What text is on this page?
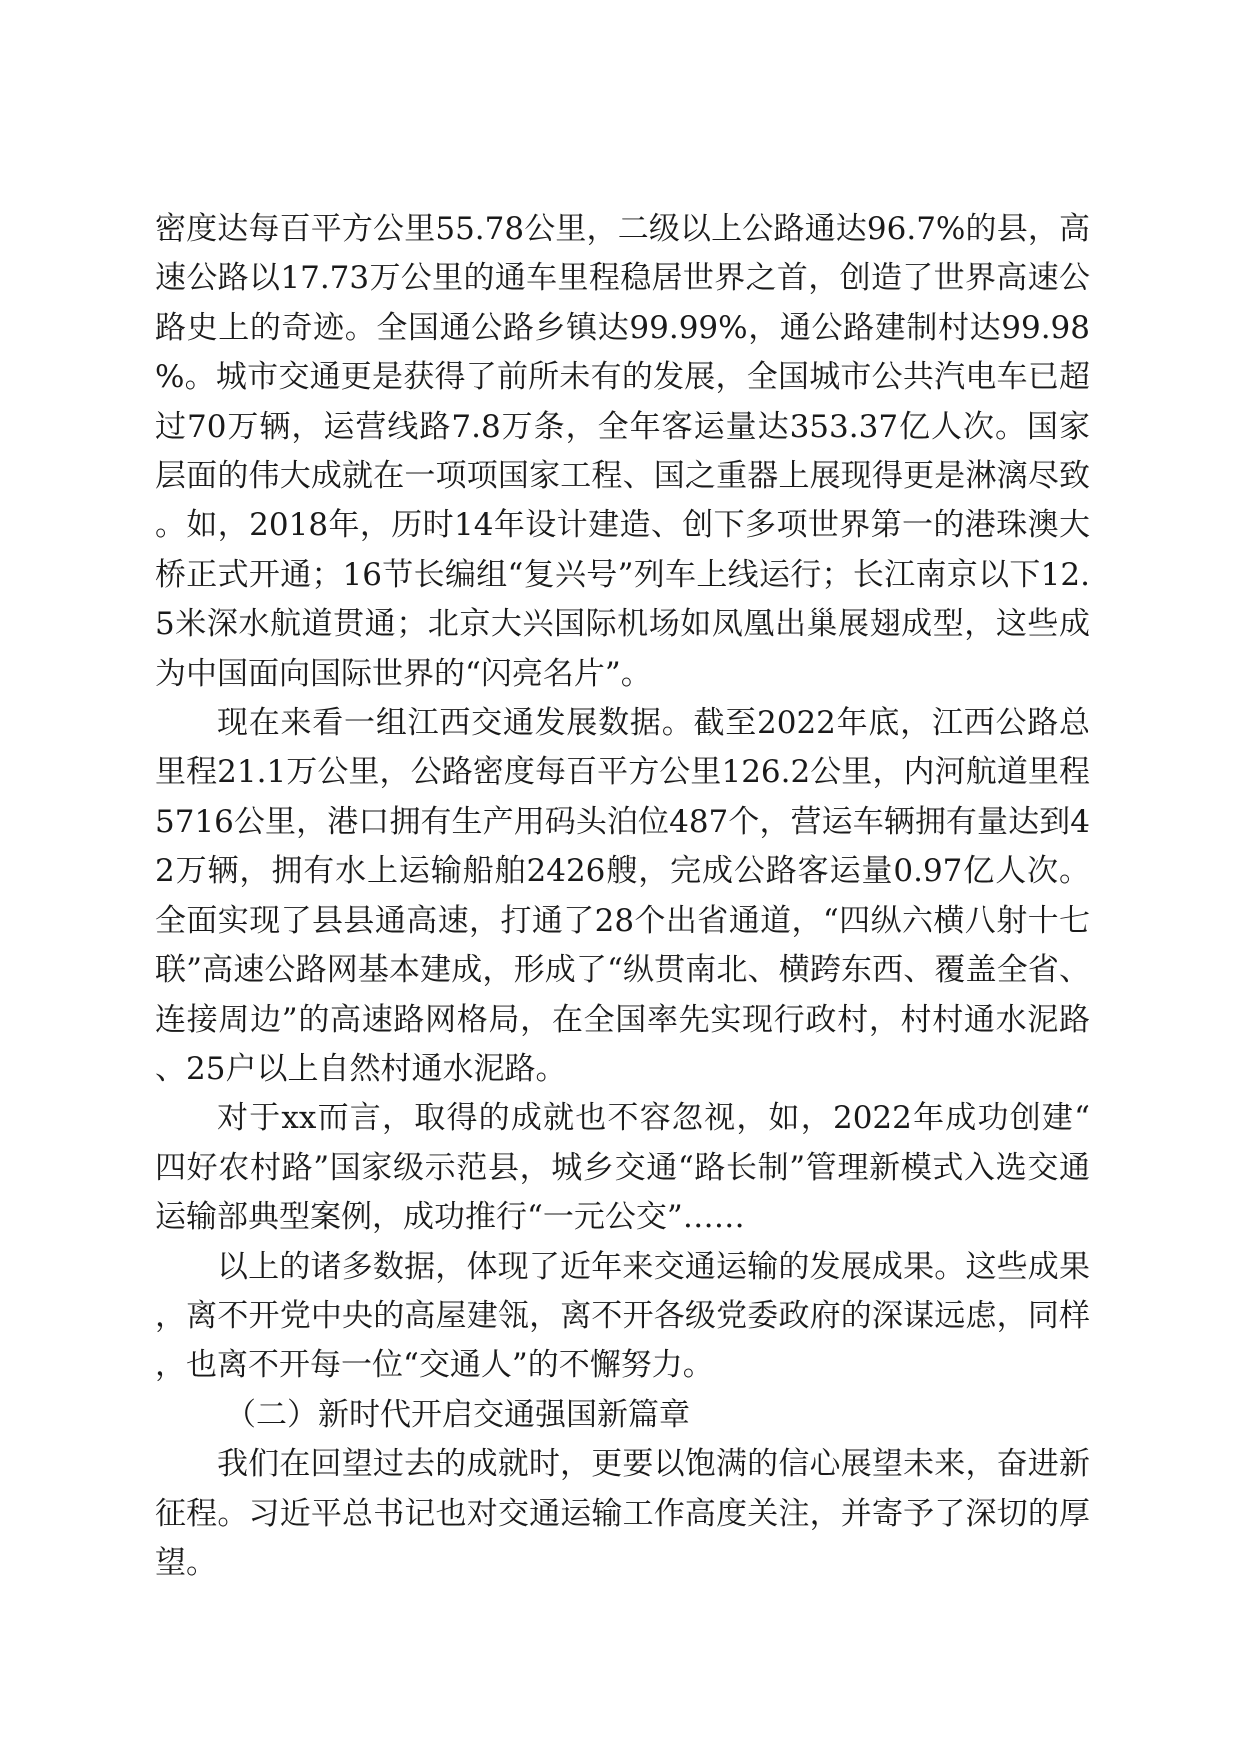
密度达每百平方公里55.78公里，二级以上公路通达96.7%的县，高速公路以17.73万公里的通车里程稳居世界之首，创造了世界高速公路史上的奇迹。全国通公路乡镇达99.99%，通公路建制村达99.98%。城市交通更是获得了前所未有的发展，全国城市公共汽电车已超过70万辆，运营线路7.8万条，全年客运量达353.37亿人次。国家层面的伟大成就在一项项国家工程、国之重器上展现得更是淋漓尽致。如，2018年，历时14年设计建造、创下多项世界第一的港珠澳大桥正式开通；16节长编组“复兴号”列车上线运行；长江南京以下12.5米深水航道贯通；北京大兴国际机场如凤凰出巢展翅成型，这些成为中国面向国际世界的“闪亮名片”。

现在来看一组江西交通发展数据。截至2022年底，江西公路总里程21.1万公里，公路密度每百平方公里126.2公里，内河航道里程5716公里，港口拥有生产用码头泊位487个，营运车辆拥有量达到42万辆，拥有水上运输船舶2426艘，完成公路客运量0.97亿人次。全面实现了县县通高速，打通了28个出省通道，“四纵六横八射十七联”高速公路网基本建成，形成了“纵贯南北、横跨东西、覆盖全省、连接周边”的高速路网格局，在全国率先实现行政村，村村通水泥路、25户以上自然村通水泥路。

对于xx而言，取得的成就也不容忽视，如，2022年成功创建“四好农村路”国家级示范县，城乡交通“路长制”管理新模式入选交通运输部典型案例，成功推行“一元公交”……

以上的诸多数据，体现了近年来交通运输的发展成果。这些成果，离不开党中央的高屋建瓴，离不开各级党委政府的深谋远虑，同样，也离不开每一位“交通人”的不懈努力。

（二）新时代开启交通强国新篇章

我们在回望过去的成就时，更要以饱满的信心展望未来，奋进新征程。习近平总书记也对交通运输工作高度关注，并寄予了深切的厚望。
